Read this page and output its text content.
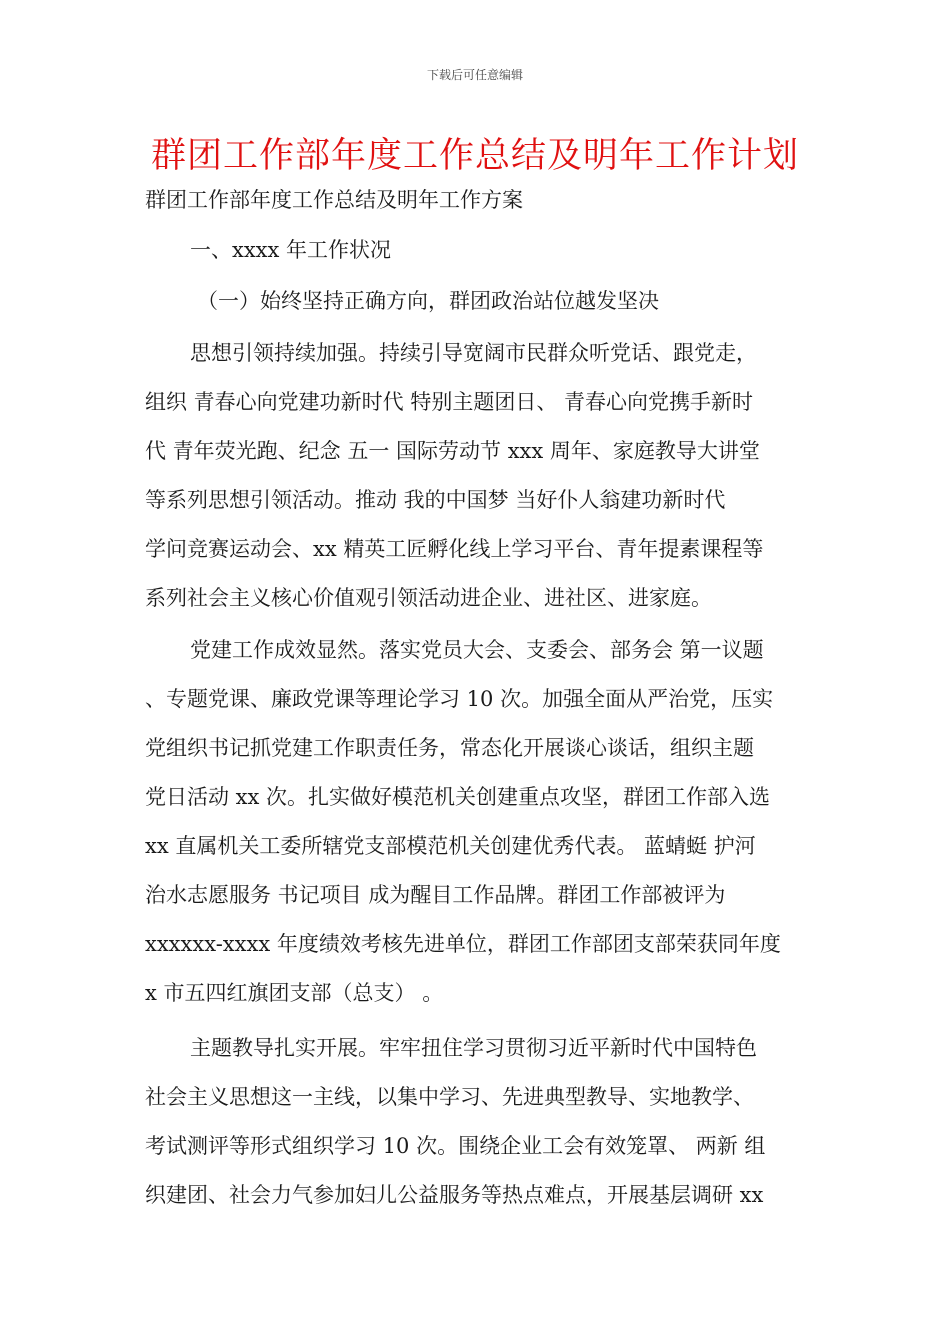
下载后可任意编辑
群团工作部年度工作总结及明年工作计划
群团工作部年度工作总结及明年工作方案
一、xxxx 年工作状况
（一）始终坚持正确方向，群团政治站位越发坚决
思想引领持续加强。持续引导宽阔市民群众听党话、跟党走，
组织 青春心向党建功新时代 特别主题团日、 青春心向党携手新时
代 青年荧光跑、纪念 五一 国际劳动节 xxx 周年、家庭教导大讲堂
等系列思想引领活动。推动 我的中国梦 当好仆人翁建功新时代
学问竞赛运动会、xx 精英工匠孵化线上学习平台、青年提素课程等
系列社会主义核心价值观引领活动进企业、进社区、进家庭。
党建工作成效显然。落实党员大会、支委会、部务会 第一议题
、专题党课、廉政党课等理论学习 10 次。加强全面从严治党，压实
党组织书记抓党建工作职责任务，常态化开展谈心谈话，组织主题
党日活动 xx 次。扎实做好模范机关创建重点攻坚，群团工作部入选
xx 直属机关工委所辖党支部模范机关创建优秀代表。 蓝蜻蜓 护河
治水志愿服务 书记项目 成为醒目工作品牌。群团工作部被评为
xxxxxx-xxxx 年度绩效考核先进单位，群团工作部团支部荣获同年度
x 市五四红旗团支部（总支） 。
主题教导扎实开展。牢牢扭住学习贯彻习近平新时代中国特色
社会主义思想这一主线，以集中学习、先进典型教导、实地教学、
考试测评等形式组织学习 10 次。围绕企业工会有效笼罩、 两新 组
织建团、社会力气参加妇儿公益服务等热点难点，开展基层调研 xx
